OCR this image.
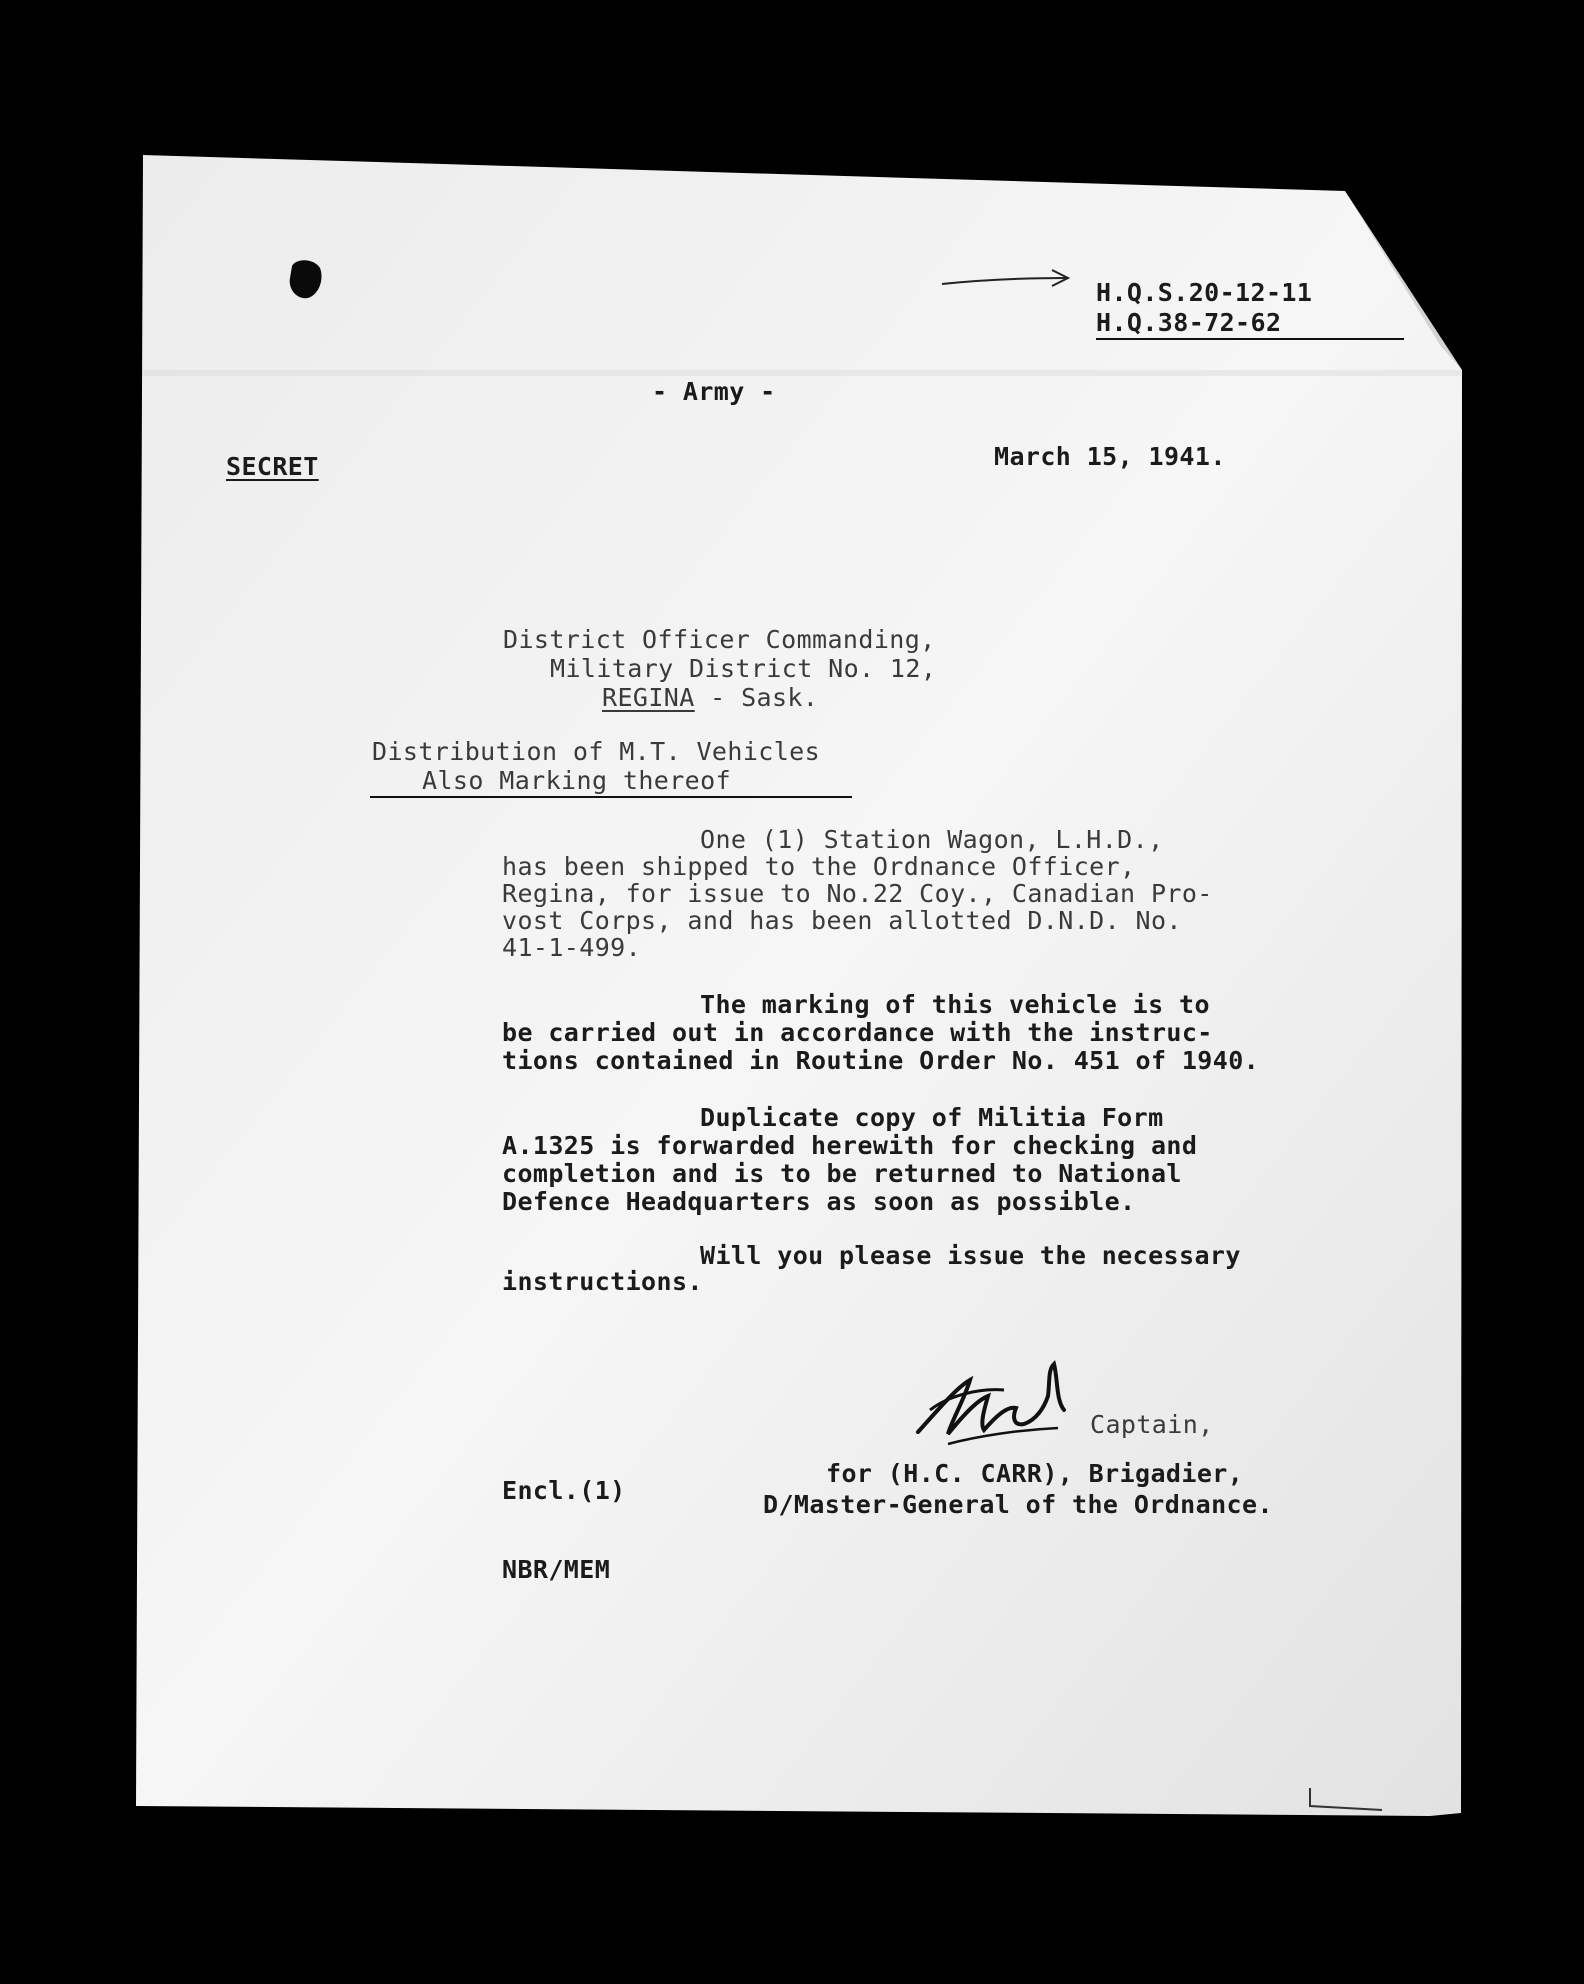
H.Q.S.20-12-11
H.Q.38-72-62
- Army -
SECRET	March 15, 1941.
District Officer Commanding,
Military District No. 12,
REGINA - Sask.
Distribution of M.T. Vehicles
Also Marking thereof
One (1) Station Wagon, L.H.D.,
has been shipped to the Ordnance Officer,
Regina, for issue to No.22 Coy., Canadian Pro-
vost Corps, and has been allotted D.N.D. No.
41-1-499.
The marking of this vehicle is to
be carried out in accordance with the instruc-
tions contained in Routine Order No. 451 of 1940.
Duplicate copy of Militia Form
A.1325 is forwarded herewith for checking and
completion and is to be returned to National
Defence Headquarters as soon as possible.
Will you please issue the necessary
instructions.
Captain,
for (H.C. CARR), Brigadier,
D/Master-General of the Ordnance.
Encl.(1)
NBR/MEM
